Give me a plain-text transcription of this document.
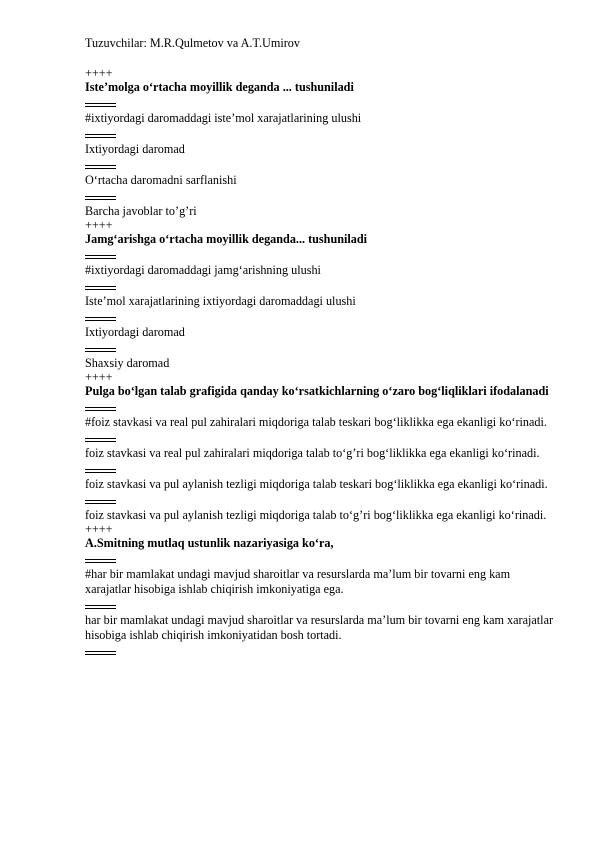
Tuzuvchilar: M.R.Qulmetov va A.T.Umirov
++++
Iste’molga o‘rtacha moyillik deganda ... tushuniladi
#ixtiyordagi daromaddagi iste’mol xarajatlarining ulushi
Ixtiyordagi daromad
O‘rtacha daromadni sarflanishi
Barcha javoblar to’g’ri
++++
Jamg‘arishga o‘rtacha moyillik deganda... tushuniladi
#ixtiyordagi daromaddagi jamg‘arishning ulushi
Iste’mol xarajatlarining ixtiyordagi daromaddagi ulushi
Ixtiyordagi daromad
Shaxsiy daromad
++++
Pulga bo‘lgan talab grafigida qanday ko‘rsatkichlarning o‘zaro bog‘liqliklari ifodalanadi
#foiz stavkasi va real pul zahiralari miqdoriga talab teskari bog‘liklikka ega ekanligi ko‘rinadi.
foiz stavkasi va real pul zahiralari miqdoriga talab to‘g’ri bog‘liklikka ega ekanligi ko‘rinadi.
foiz stavkasi va pul aylanish tezligi miqdoriga talab teskari bog‘liklikka ega ekanligi ko‘rinadi.
foiz stavkasi va pul aylanish tezligi miqdoriga talab to‘g’ri bog‘liklikka ega ekanligi ko‘rinadi.
++++
A.Smitning mutlaq ustunlik nazariyasiga ko‘ra,
#har bir mamlakat undagi mavjud sharoitlar va resurslarda ma’lum bir tovarni eng kam xarajatlar hisobiga ishlab chiqirish imkoniyatiga ega.
har bir mamlakat undagi mavjud sharoitlar va resurslarda ma’lum bir tovarni eng kam xarajatlar hisobiga ishlab chiqirish imkoniyatidan bosh tortadi.
